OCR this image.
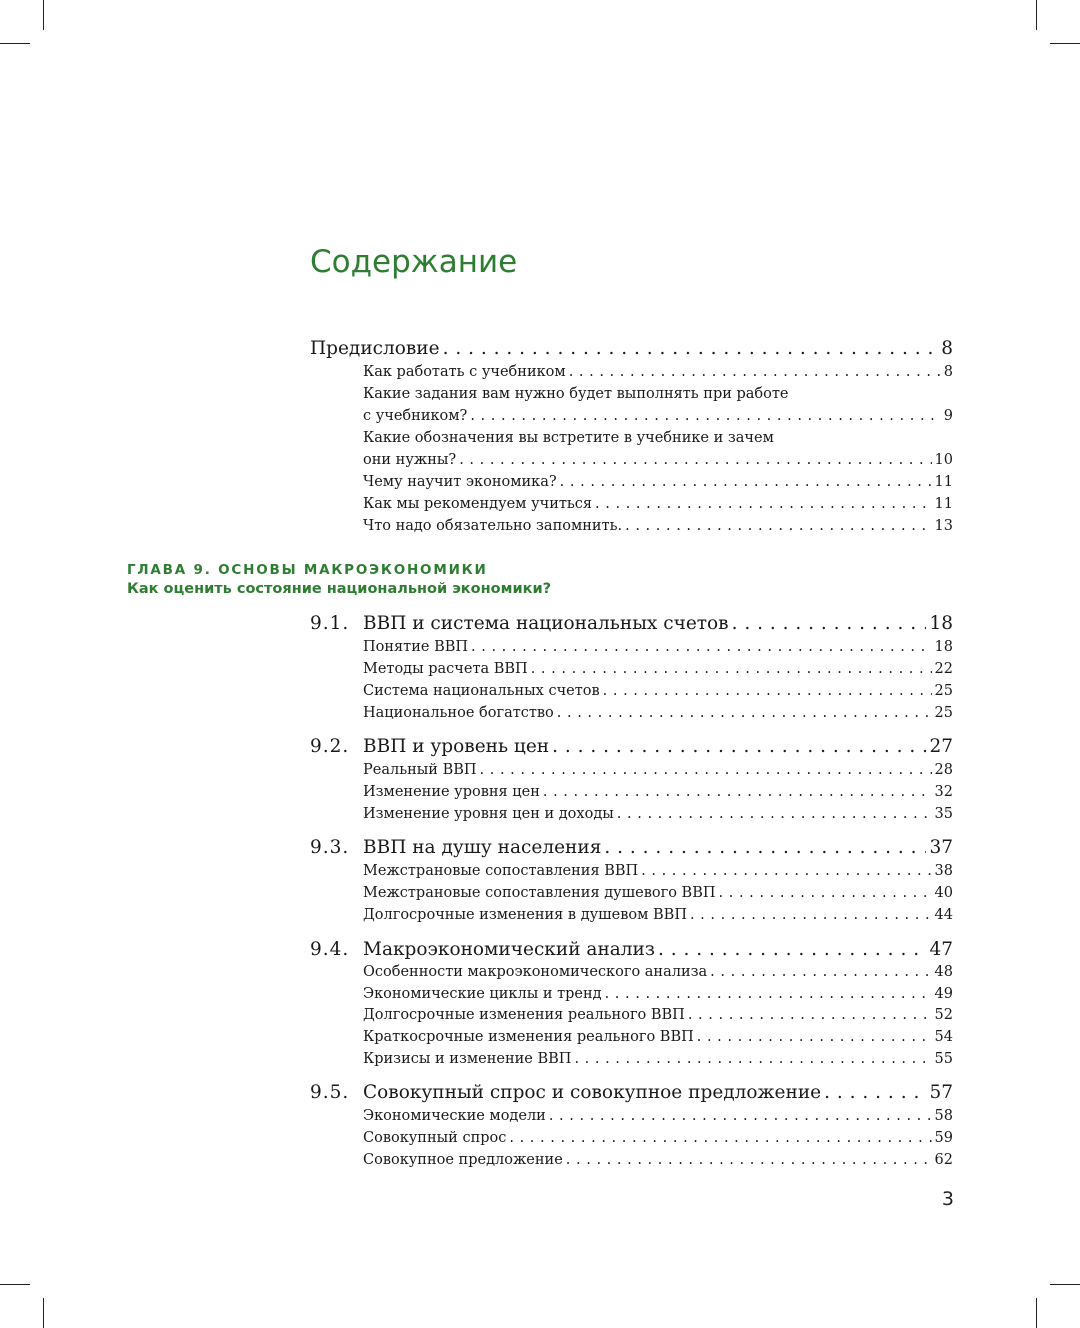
Содержание
Предисловие . . .	8
Как работать с учебником . . .	8
Какие задания вам нужно будет выполнять при работе
с учебником? . . .	9
Какие обозначения вы встретите в учебнике и зачем
они нужны? . . .	10
Чему научит экономика? . . .	11
Как мы рекомендуем учиться . . .	11
Что надо обязательно запомнить. . . .	13
ГЛАВА 9. ОСНОВЫ МАКРОЭКОНОМИКИ
Как оценить состояние национальной экономики?
9.1. ВВП и система национальных счетов . . .	18
Понятие ВВП . . .	18
Методы расчета ВВП . . .	22
Система национальных счетов . . .	25
Национальное богатство . . .	25
9.2. ВВП и уровень цен . . .	27
Реальный ВВП . . .	28
Изменение уровня цен . . .	32
Изменение уровня цен и доходы . . .	35
9.3. ВВП на душу населения . . .	37
Межстрановые сопоставления ВВП . . .	38
Межстрановые сопоставления душевого ВВП . . .	40
Долгосрочные изменения в душевом ВВП . . .	44
9.4. Макроэкономический анализ . . .	47
Особенности макроэкономического анализа . . .	48
Экономические циклы и тренд . . .	49
Долгосрочные изменения реального ВВП . . .	52
Краткосрочные изменения реального ВВП . . .	54
Кризисы и изменение ВВП . . .	55
9.5. Совокупный спрос и совокупное предложение . . .	57
Экономические модели . . .	58
Совокупный спрос . . .	59
Совокупное предложение . . .	62
3
